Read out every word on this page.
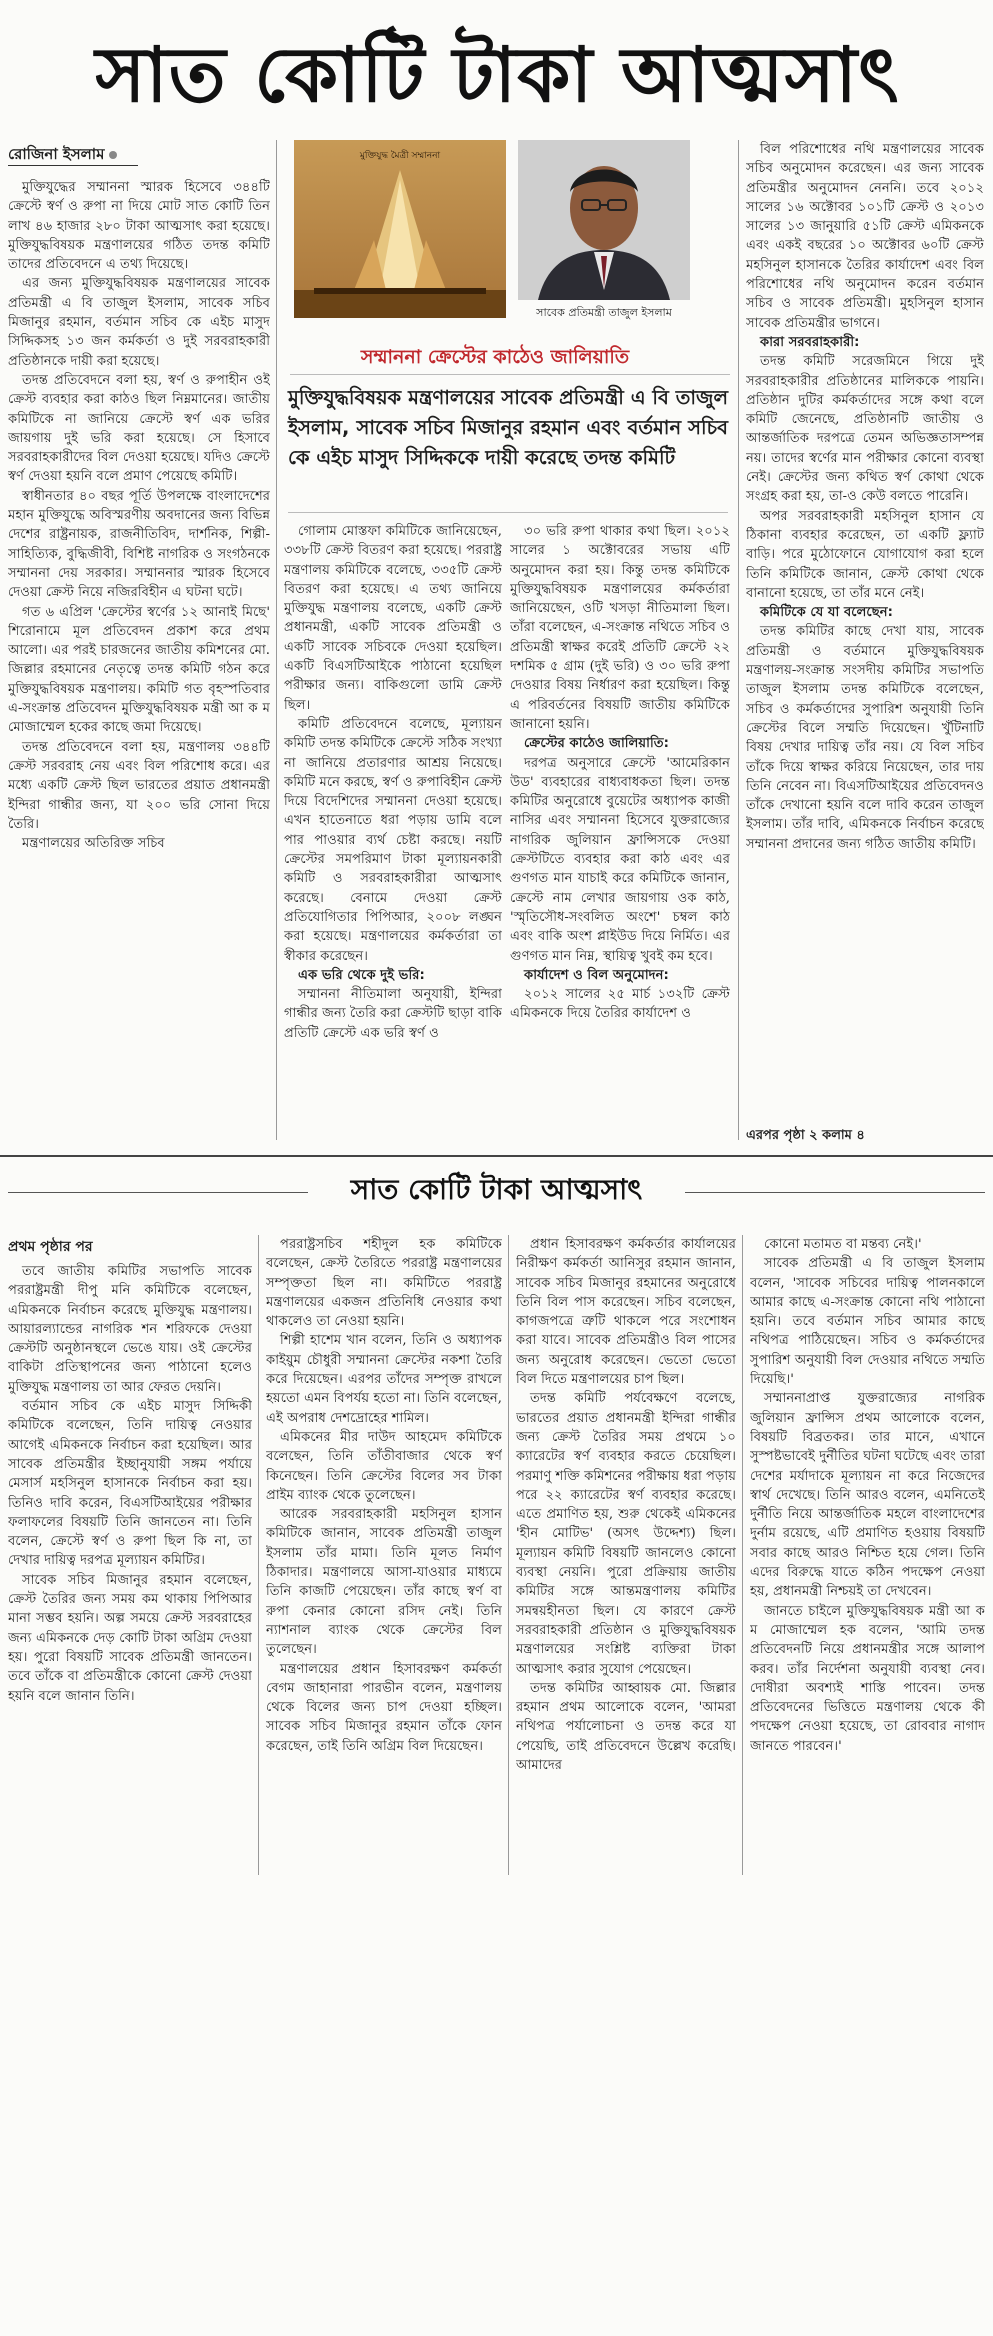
সাত কোটি টাকা আত্মসাৎ
রোজিনা ইসলাম	মুক্তিযুদ্ধ মৈত্রী সম্মাননা
সাবেক প্রতিমন্ত্রী তাজুল ইসলাম
সম্মাননা ক্রেস্টের কাঠেও জালিয়াতি
মুক্তিযুদ্ধবিষয়ক মন্ত্রণালয়ের সাবেক প্রতিমন্ত্রী এ বি তাজুল ইসলাম, সাবেক সচিব মিজানুর রহমান এবং বর্তমান সচিব কে এইচ মাসুদ সিদ্দিককে দায়ী করেছে তদন্ত কমিটি

মুক্তিযুদ্ধের সম্মাননা স্মারক হিসেবে ৩৪৪টি ক্রেস্টে স্বর্ণ ও রুপা না দিয়ে মোট সাত কোটি তিন লাখ ৪৬ হাজার ২৮০ টাকা আত্মসাৎ করা হয়েছে। মুক্তিযুদ্ধবিষয়ক মন্ত্রণালয়ের গঠিত তদন্ত কমিটি তাদের প্রতিবেদনে এ তথ্য দিয়েছে।

এর জন্য মুক্তিযুদ্ধবিষয়ক মন্ত্রণালয়ের সাবেক প্রতিমন্ত্রী এ বি তাজুল ইসলাম, সাবেক সচিব মিজানুর রহমান, বর্তমান সচিব কে এইচ মাসুদ সিদ্দিকসহ ১৩ জন কর্মকর্তা ও দুই সরবরাহকারী প্রতিষ্ঠানকে দায়ী করা হয়েছে।

তদন্ত প্রতিবেদনে বলা হয়, স্বর্ণ ও রুপাহীন ওই ক্রেস্ট ব্যবহার করা কাঠও ছিল নিম্নমানের। জাতীয় কমিটিকে না জানিয়ে ক্রেস্টে স্বর্ণ এক ভরির জায়গায় দুই ভরি করা হয়েছে। সে হিসাবে সরবরাহকারীদের বিল দেওয়া হয়েছে। যদিও ক্রেস্টে স্বর্ণ দেওয়া হয়নি বলে প্রমাণ পেয়েছে কমিটি।

স্বাধীনতার ৪০ বছর পূর্তি উপলক্ষে বাংলাদেশের মহান মুক্তিযুদ্ধে অবিস্মরণীয় অবদানের জন্য বিভিন্ন দেশের রাষ্ট্রনায়ক, রাজনীতিবিদ, দার্শনিক, শিল্পী-সাহিত্যিক, বুদ্ধিজীবী, বিশিষ্ট নাগরিক ও সংগঠনকে সম্মাননা দেয় সরকার। সম্মাননার স্মারক হিসেবে দেওয়া ক্রেস্ট নিয়ে নজিরবিহীন এ ঘটনা ঘটে।

গত ৬ এপ্রিল 'ক্রেস্টের স্বর্ণের ১২ আনাই মিছে' শিরোনামে মূল প্রতিবেদন প্রকাশ করে প্রথম আলো। এর পরই চারজনের জাতীয় কমিশনের মো. জিল্লার রহমানের নেতৃত্বে তদন্ত কমিটি গঠন করে মুক্তিযুদ্ধবিষয়ক মন্ত্রণালয়। কমিটি গত বৃহস্পতিবার এ-সংক্রান্ত প্রতিবেদন মুক্তিযুদ্ধবিষয়ক মন্ত্রী আ ক ম মোজাম্মেল হকের কাছে জমা দিয়েছে।

তদন্ত প্রতিবেদনে বলা হয়, মন্ত্রণালয় ৩৪৪টি ক্রেস্ট সরবরাহ নেয় এবং বিল পরিশোধ করে। এর মধ্যে একটি ক্রেস্ট ছিল ভারতের প্রয়াত প্রধানমন্ত্রী ইন্দিরা গান্ধীর জন্য, যা ২০০ ভরি সোনা দিয়ে তৈরি।

মন্ত্রণালয়ের অতিরিক্ত সচিব

গোলাম মোস্তফা কমিটিকে জানিয়েছেন, ৩৩৮টি ক্রেস্ট বিতরণ করা হয়েছে। পররাষ্ট্র মন্ত্রণালয় কমিটিকে বলেছে, ৩৩৫টি ক্রেস্ট বিতরণ করা হয়েছে। এ তথ্য জানিয়ে মুক্তিযুদ্ধ মন্ত্রণালয় বলেছে, একটি ক্রেস্ট প্রধানমন্ত্রী, একটি সাবেক প্রতিমন্ত্রী ও একটি সাবেক সচিবকে দেওয়া হয়েছিল। একটি বিএসটিআইকে পাঠানো হয়েছিল পরীক্ষার জন্য। বাকিগুলো ডামি ক্রেস্ট ছিল।

কমিটি প্রতিবেদনে বলেছে, মূল্যায়ন কমিটি তদন্ত কমিটিকে ক্রেস্টে সঠিক সংখ্যা না জানিয়ে প্রতারণার আশ্রয় নিয়েছে। কমিটি মনে করছে, স্বর্ণ ও রুপাবিহীন ক্রেস্ট দিয়ে বিদেশিদের সম্মাননা দেওয়া হয়েছে। এখন হাতেনাতে ধরা পড়ায় ডামি বলে পার পাওয়ার ব্যর্থ চেষ্টা করছে। নয়টি ক্রেস্টের সমপরিমাণ টাকা মূল্যায়নকারী কমিটি ও সরবরাহকারীরা আত্মসাৎ করেছে। বেনামে দেওয়া ক্রেস্ট প্রতিযোগিতার পিপিআর, ২০০৮ লঙ্ঘন করা হয়েছে। মন্ত্রণালয়ের কর্মকর্তারা তা স্বীকার করেছেন।

এক ভরি থেকে দুই ভরি:

সম্মাননা নীতিমালা অনুযায়ী, ইন্দিরা গান্ধীর জন্য তৈরি করা ক্রেস্টটি ছাড়া বাকি প্রতিটি ক্রেস্টে এক ভরি স্বর্ণ ও

৩০ ভরি রুপা থাকার কথা ছিল। ২০১২ সালের ১ অক্টোবরের সভায় এটি অনুমোদন করা হয়। কিন্তু তদন্ত কমিটিকে মুক্তিযুদ্ধবিষয়ক মন্ত্রণালয়ের কর্মকর্তারা জানিয়েছেন, ওটি খসড়া নীতিমালা ছিল। তাঁরা বলেছেন, এ-সংক্রান্ত নথিতে সচিব ও প্রতিমন্ত্রী স্বাক্ষর করেই প্রতিটি ক্রেস্টে ২২ দশমিক ৫ গ্রাম (দুই ভরি) ও ৩০ ভরি রুপা দেওয়ার বিষয় নির্ধারণ করা হয়েছিল। কিন্তু এ পরিবর্তনের বিষয়টি জাতীয় কমিটিকে জানানো হয়নি।

ক্রেস্টের কাঠেও জালিয়াতি:

দরপত্র অনুসারে ক্রেস্টে 'আমেরিকান উড' ব্যবহারের বাধ্যবাধকতা ছিল। তদন্ত কমিটির অনুরোধে বুয়েটের অধ্যাপক কাজী নাসির এবং সম্মাননা হিসেবে যুক্তরাজ্যের নাগরিক জুলিয়ান ফ্রান্সিসকে দেওয়া ক্রেস্টটিতে ব্যবহার করা কাঠ এবং এর গুণগত মান যাচাই করে কমিটিকে জানান, ক্রেস্টে নাম লেখার জায়গায় ওক কাঠ, 'স্মৃতিসৌধ-সংবলিত অংশে' চম্বল কাঠ এবং বাকি অংশ প্লাইউড দিয়ে নির্মিত। এর গুণগত মান নিম্ন, স্থায়িত্ব খুবই কম হবে।

কার্যাদেশ ও বিল অনুমোদন:

২০১২ সালের ২৫ মার্চ ১৩২টি ক্রেস্ট এমিকনকে দিয়ে তৈরির কার্যাদেশ ও

বিল পরিশোধের নথি মন্ত্রণালয়ের সাবেক সচিব অনুমোদন করেছেন। এর জন্য সাবেক প্রতিমন্ত্রীর অনুমোদন নেননি। তবে ২০১২ সালের ১৬ অক্টোবর ১০১টি ক্রেস্ট ও ২০১৩ সালের ১৩ জানুয়ারি ৫১টি ক্রেস্ট এমিকনকে এবং একই বছরের ১০ অক্টোবর ৬০টি ক্রেস্ট মহসিনুল হাসানকে তৈরির কার্যাদেশ এবং বিল পরিশোধের নথি অনুমোদন করেন বর্তমান সচিব ও সাবেক প্রতিমন্ত্রী। মুহসিনুল হাসান সাবেক প্রতিমন্ত্রীর ভাগনে।

কারা সরবরাহকারী:

তদন্ত কমিটি সরেজমিনে গিয়ে দুই সরবরাহকারীর প্রতিষ্ঠানের মালিককে পায়নি। প্রতিষ্ঠান দুটির কর্মকর্তাদের সঙ্গে কথা বলে কমিটি জেনেছে, প্রতিষ্ঠানটি জাতীয় ও আন্তর্জাতিক দরপত্রে তেমন অভিজ্ঞতাসম্পন্ন নয়। তাদের স্বর্ণের মান পরীক্ষার কোনো ব্যবস্থা নেই। ক্রেস্টের জন্য কথিত স্বর্ণ কোথা থেকে সংগ্রহ করা হয়, তা-ও কেউ বলতে পারেনি।

অপর সরবরাহকারী মহসিনুল হাসান যে ঠিকানা ব্যবহার করেছেন, তা একটি ফ্ল্যাট বাড়ি। পরে মুঠোফোনে যোগাযোগ করা হলে তিনি কমিটিকে জানান, ক্রেস্ট কোথা থেকে বানানো হয়েছে, তা তাঁর মনে নেই।

কমিটিকে যে যা বলেছেন:

তদন্ত কমিটির কাছে দেখা যায়, সাবেক প্রতিমন্ত্রী ও বর্তমানে মুক্তিযুদ্ধবিষয়ক মন্ত্রণালয়-সংক্রান্ত সংসদীয় কমিটির সভাপতি তাজুল ইসলাম তদন্ত কমিটিকে বলেছেন, সচিব ও কর্মকর্তাদের সুপারিশ অনুযায়ী তিনি ক্রেস্টের বিলে সম্মতি দিয়েছেন। খুঁটিনাটি বিষয় দেখার দায়িত্ব তাঁর নয়। যে বিল সচিব তাঁকে দিয়ে স্বাক্ষর করিয়ে নিয়েছেন, তার দায় তিনি নেবেন না। বিএসটিআইয়ের প্রতিবেদনও তাঁকে দেখানো হয়নি বলে দাবি করেন তাজুল ইসলাম। তাঁর দাবি, এমিকনকে নির্বাচন করেছে সম্মাননা প্রদানের জন্য গঠিত জাতীয় কমিটি।

এরপর পৃষ্ঠা ২ কলাম ৪
সাত কোটি টাকা আত্মসাৎ
প্রথম পৃষ্ঠার পর

তবে জাতীয় কমিটির সভাপতি সাবেক পররাষ্ট্রমন্ত্রী দীপু মনি কমিটিকে বলেছেন, এমিকনকে নির্বাচন করেছে মুক্তিযুদ্ধ মন্ত্রণালয়। আয়ারল্যান্ডের নাগরিক শন শরিফকে দেওয়া ক্রেস্টটি অনুষ্ঠানস্থলে ভেঙে যায়। ওই ক্রেস্টের বাকিটা প্রতিস্থাপনের জন্য পাঠানো হলেও মুক্তিযুদ্ধ মন্ত্রণালয় তা আর ফেরত দেয়নি।

বর্তমান সচিব কে এইচ মাসুদ সিদ্দিকী কমিটিকে বলেছেন, তিনি দায়িত্ব নেওয়ার আগেই এমিকনকে নির্বাচন করা হয়েছিল। আর সাবেক প্রতিমন্ত্রীর ইচ্ছানুযায়ী সঙ্গম পর্যায়ে মেসার্স মহসিনুল হাসানকে নির্বাচন করা হয়। তিনিও দাবি করেন, বিএসটিআইয়ের পরীক্ষার ফলাফলের বিষয়টি তিনি জানতেন না। তিনি বলেন, ক্রেস্টে স্বর্ণ ও রুপা ছিল কি না, তা দেখার দায়িত্ব দরপত্র মূল্যায়ন কমিটির।

সাবেক সচিব মিজানুর রহমান বলেছেন, ক্রেস্ট তৈরির জন্য সময় কম থাকায় পিপিআর মানা সম্ভব হয়নি। অল্প সময়ে ক্রেস্ট সরবরাহের জন্য এমিকনকে দেড় কোটি টাকা অগ্রিম দেওয়া হয়। পুরো বিষয়টি সাবেক প্রতিমন্ত্রী জানতেন। তবে তাঁকে বা প্রতিমন্ত্রীকে কোনো ক্রেস্ট দেওয়া হয়নি বলে জানান তিনি।

পররাষ্ট্রসচিব শহীদুল হক কমিটিকে বলেছেন, ক্রেস্ট তৈরিতে পররাষ্ট্র মন্ত্রণালয়ের সম্পৃক্ততা ছিল না। কমিটিতে পররাষ্ট্র মন্ত্রণালয়ের একজন প্রতিনিধি নেওয়ার কথা থাকলেও তা নেওয়া হয়নি।

শিল্পী হাশেম খান বলেন, তিনি ও অধ্যাপক কাইয়ুম চৌধুরী সম্মাননা ক্রেস্টের নকশা তৈরি করে দিয়েছেন। এরপর তাঁদের সম্পৃক্ত রাখলে হয়তো এমন বিপর্যয় হতো না। তিনি বলেছেন, এই অপরাধ দেশদ্রোহের শামিল।

এমিকনের মীর দাউদ আহমেদ কমিটিকে বলেছেন, তিনি তাঁতীবাজার থেকে স্বর্ণ কিনেছেন। তিনি ক্রেস্টের বিলের সব টাকা প্রাইম ব্যাংক থেকে তুলেছেন।

আরেক সরবরাহকারী মহসিনুল হাসান কমিটিকে জানান, সাবেক প্রতিমন্ত্রী তাজুল ইসলাম তাঁর মামা। তিনি মূলত নির্মাণ ঠিকাদার। মন্ত্রণালয়ে আসা-যাওয়ার মাধ্যমে তিনি কাজটি পেয়েছেন। তাঁর কাছে স্বর্ণ বা রুপা কেনার কোনো রসিদ নেই। তিনি ন্যাশনাল ব্যাংক থেকে ক্রেস্টের বিল তুলেছেন।

মন্ত্রণালয়ের প্রধান হিসাবরক্ষণ কর্মকর্তা বেগম জাহানারা পারভীন বলেন, মন্ত্রণালয় থেকে বিলের জন্য চাপ দেওয়া হচ্ছিল। সাবেক সচিব মিজানুর রহমান তাঁকে ফোন করেছেন, তাই তিনি অগ্রিম বিল দিয়েছেন।

প্রধান হিসাবরক্ষণ কর্মকর্তার কার্যালয়ের নিরীক্ষণ কর্মকর্তা আনিসুর রহমান জানান, সাবেক সচিব মিজানুর রহমানের অনুরোধে তিনি বিল পাস করেছেন। সচিব বলেছেন, কাগজপত্রে ত্রুটি থাকলে পরে সংশোধন করা যাবে। সাবেক প্রতিমন্ত্রীও বিল পাসের জন্য অনুরোধ করেছেন। ভেতো ভেতো বিল দিতে মন্ত্রণালয়ের চাপ ছিল।

তদন্ত কমিটি পর্যবেক্ষণে বলেছে, ভারতের প্রয়াত প্রধানমন্ত্রী ইন্দিরা গান্ধীর জন্য ক্রেস্ট তৈরির সময় প্রথমে ১০ ক্যারেটের স্বর্ণ ব্যবহার করতে চেয়েছিল। পরমাণু শক্তি কমিশনের পরীক্ষায় ধরা পড়ায় পরে ২২ ক্যারেটের স্বর্ণ ব্যবহার করেছে। এতে প্রমাণিত হয়, শুরু থেকেই এমিকনের 'হীন মোটিভ' (অসৎ উদ্দেশ্য) ছিল। মূল্যায়ন কমিটি বিষয়টি জানলেও কোনো ব্যবস্থা নেয়নি। পুরো প্রক্রিয়ায় জাতীয় কমিটির সঙ্গে আন্তমন্ত্রণালয় কমিটির সমন্বয়হীনতা ছিল। যে কারণে ক্রেস্ট সরবরাহকারী প্রতিষ্ঠান ও মুক্তিযুদ্ধবিষয়ক মন্ত্রণালয়ের সংশ্লিষ্ট ব্যক্তিরা টাকা আত্মসাৎ করার সুযোগ পেয়েছেন।

তদন্ত কমিটির আহ্বায়ক মো. জিল্লার রহমান প্রথম আলোকে বলেন, 'আমরা নথিপত্র পর্যালোচনা ও তদন্ত করে যা পেয়েছি, তাই প্রতিবেদনে উল্লেখ করেছি। আমাদের

কোনো মতামত বা মন্তব্য নেই।'

সাবেক প্রতিমন্ত্রী এ বি তাজুল ইসলাম বলেন, 'সাবেক সচিবের দায়িত্ব পালনকালে আমার কাছে এ-সংক্রান্ত কোনো নথি পাঠানো হয়নি। তবে বর্তমান সচিব আমার কাছে নথিপত্র পাঠিয়েছেন। সচিব ও কর্মকর্তাদের সুপারিশ অনুযায়ী বিল দেওয়ার নথিতে সম্মতি দিয়েছি।'

সম্মাননাপ্রাপ্ত যুক্তরাজ্যের নাগরিক জুলিয়ান ফ্রান্সিস প্রথম আলোকে বলেন, বিষয়টি বিব্রতকর। তার মানে, এখানে সুস্পষ্টভাবেই দুর্নীতির ঘটনা ঘটেছে এবং তারা দেশের মর্যাদাকে মূল্যায়ন না করে নিজেদের স্বার্থ দেখেছে। তিনি আরও বলেন, এমনিতেই দুর্নীতি নিয়ে আন্তর্জাতিক মহলে বাংলাদেশের দুর্নাম রয়েছে, এটি প্রমাণিত হওয়ায় বিষয়টি সবার কাছে আরও নিশ্চিত হয়ে গেল। তিনি এদের বিরুদ্ধে যাতে কঠিন পদক্ষেপ নেওয়া হয়, প্রধানমন্ত্রী নিশ্চয়ই তা দেখবেন।

জানতে চাইলে মুক্তিযুদ্ধবিষয়ক মন্ত্রী আ ক ম মোজাম্মেল হক বলেন, 'আমি তদন্ত প্রতিবেদনটি নিয়ে প্রধানমন্ত্রীর সঙ্গে আলাপ করব। তাঁর নির্দেশনা অনুযায়ী ব্যবস্থা নেব। দোষীরা অবশ্যই শাস্তি পাবেন। তদন্ত প্রতিবেদনের ভিত্তিতে মন্ত্রণালয় থেকে কী পদক্ষেপ নেওয়া হয়েছে, তা রোববার নাগাদ জানতে পারবেন।'
